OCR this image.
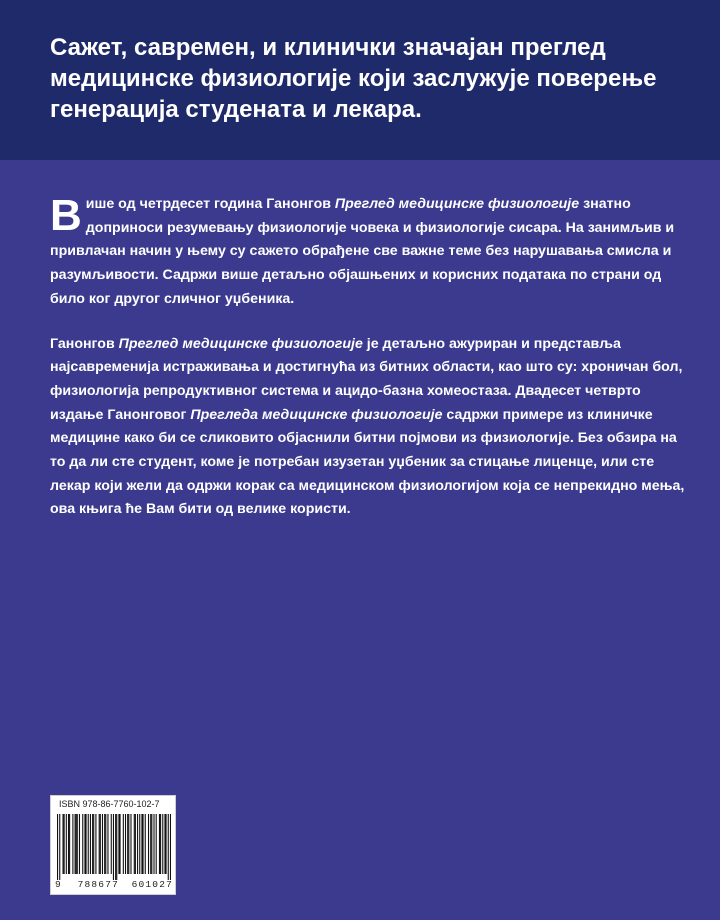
Сажет, савремен, и клинички значајан преглед медицинске физиологије који заслужује поверење генерација студената и лекара.

Више од четрдесет година Ганонгов Преглед медицинске физиологије знатно доприноси резумевању физиологије човека и физиологије сисара. На занимљив и привлачан начин у њему су сажето обрађене све важне теме без нарушавања смисла и разумљивости. Садржи више детаљно објашњених и корисних података по страни од било ког другог сличног уџбеника.

Ганонгов Преглед медицинске физиологије је детаљно ажуриран и представља најсавременија истраживања и достигнућа из битних области, као што су: хроничан бол, физиологија репродуктивног система и ацидо-базна хомеостаза. Двадесет четврто издање Ганонговог Прегледа медицинске физиологије садржи примере из клиничке медицине како би се сликовито објаснили битни појмови из физиологије. Без обзира на то да ли сте студент, коме је потребан изузетан уџбеник за стицање лиценце, или сте лекар који жели да одржи корак са медицинском физиологијом која се непрекидно мења, ова књига ће Вам бити од велике користи.

ISBN 978-86-7760-102-7
9	788677 601027
